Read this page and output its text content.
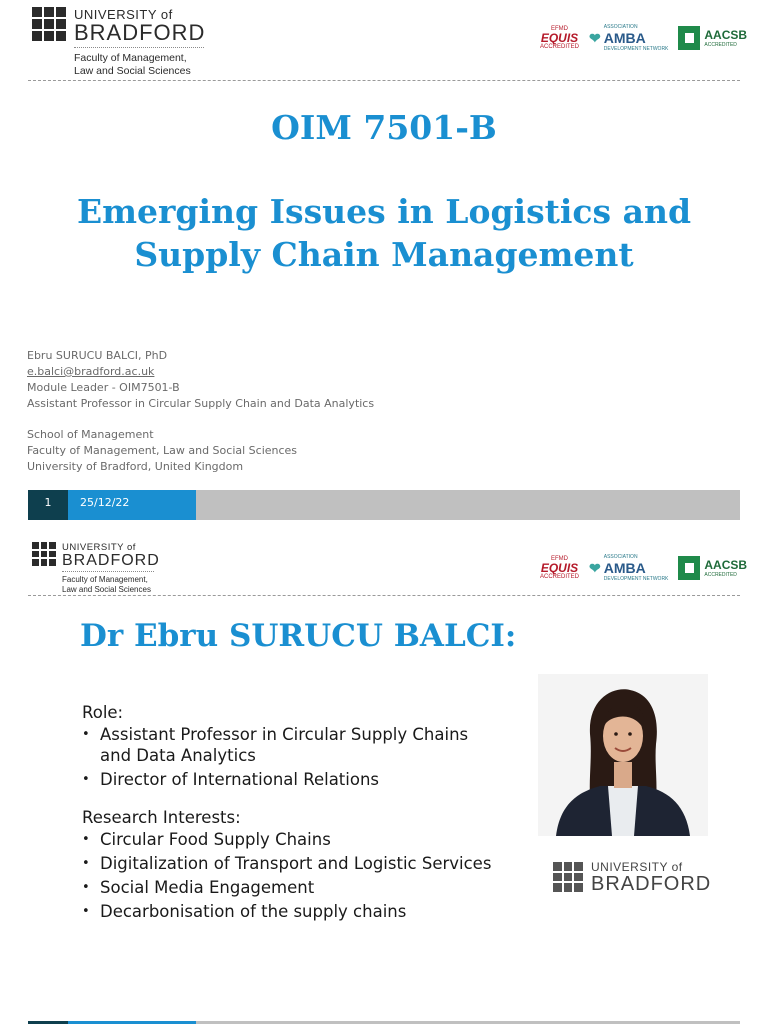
UNIVERSITY of
BRADFORD
Faculty of Management,
Law and Social Sciences
EFMD
EQUIS
ACCREDITED
❤
ASSOCIATION
AMBA
DEVELOPMENT NETWORK
AACSB
ACCREDITED
OIM 7501-B
Emerging Issues in Logistics and
Supply Chain Management
Ebru SURUCU BALCI, PhD
e.balci@bradford.ac.uk
Module Leader - OIM7501-B
Assistant Professor in Circular Supply Chain and Data Analytics
School of Management
Faculty of Management, Law and Social Sciences
University of Bradford, United Kingdom
1	25/12/22
UNIVERSITY of
BRADFORD
Faculty of Management,
Law and Social Sciences
EFMD
EQUIS
ACCREDITED
❤
ASSOCIATION
AMBA
DEVELOPMENT NETWORK
AACSB
ACCREDITED
Dr Ebru SURUCU BALCI:
Role:
• Assistant Professor in Circular Supply Chains and Data Analytics
• Director of International Relations
Research Interests:
• Circular Food Supply Chains
• Digitalization of Transport and Logistic Services
• Social Media Engagement
• Decarbonisation of the supply chains
UNIVERSITY of
BRADFORD
